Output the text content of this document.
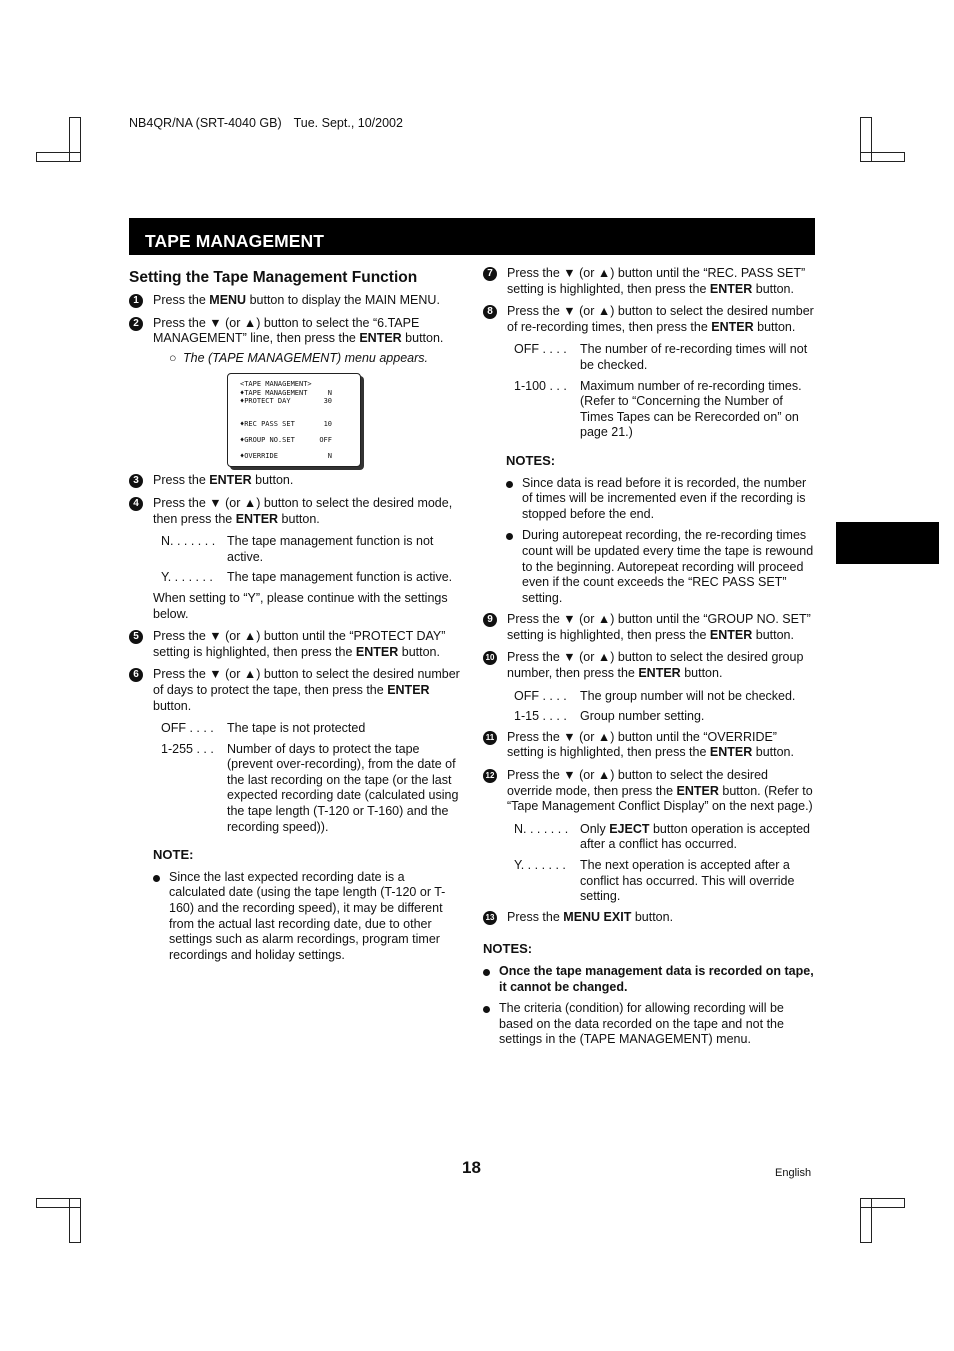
NB4QR/NA (SRT-4040 GB) Tue. Sept., 10/2002
TAPE MANAGEMENT
Setting the Tape Management Function
1	Press the MENU button to display the MAIN MENU.
2	Press the ▼ (or ▲) button to select the “6.TAPE MANAGEMENT” line, then press the ENTER button.
○ The (TAPE MANAGEMENT) menu appears.
<TAPE MANAGEMENT>
♦TAPE MANAGEMENT	N
♦PROTECT DAY	30
♦REC PASS SET	10
♦GROUP NO.SET	OFF
♦OVERRIDE	N
3	Press the ENTER button.
4	Press the ▼ (or ▲) button to select the desired mode, then press the ENTER button.
N. . . . . . . The tape management function is not active.
Y. . . . . . .	The tape management function is active.
When setting to “Y”, please continue with the settings below.
5	Press the ▼ (or ▲) button until the “PROTECT DAY” setting is highlighted, then press the ENTER button.
6	Press the ▼ (or ▲) button to select the desired number of days to protect the tape, then press the ENTER button.
OFF . . . .	The tape is not protected
1-255 . . .	Number of days to protect the tape (prevent over-recording), from the date of the last recording on the tape (or the last expected recording date (calculated using the tape length (T-120 or T-160) and the recording speed)).
NOTE:
Since the last expected recording date is a calculated date (using the tape length (T-120 or T-160) and the recording speed), it may be different from the actual last recording date, due to other settings such as alarm recordings, program timer recordings and holiday settings.
7	Press the ▼ (or ▲) button until the “REC. PASS SET” setting is highlighted, then press the ENTER button.
8	Press the ▼ (or ▲) button to select the desired number of re-recording times, then press the ENTER button.
OFF . . . .	The number of re-recording times will not be checked.
1-100 . . .	Maximum number of re-recording times. (Refer to “Concerning the Number of Times Tapes can be Rerecorded on” on page 21.)
NOTES:
Since data is read before it is recorded, the number of times will be incremented even if the recording is stopped before the end.
During autorepeat recording, the re-recording times count will be updated every time the tape is rewound to the beginning. Autorepeat recording will proceed even if the count exceeds the “REC PASS SET” setting.
9	Press the ▼ (or ▲) button until the “GROUP NO. SET” setting is highlighted, then press the ENTER button.
10 Press the ▼ (or ▲) button to select the desired group number, then press the ENTER button.
OFF . . . .	The group number will not be checked.
1-15 . . . .	Group number setting.
11 Press the ▼ (or ▲) button until the “OVERRIDE” setting is highlighted, then press the ENTER button.
12 Press the ▼ (or ▲) button to select the desired override mode, then press the ENTER button. (Refer to “Tape Management Conflict Display” on the next page.)
N. . . . . . . Only EJECT button operation is accepted after a conflict has occurred.
Y. . . . . . .	The next operation is accepted after a conflict has occurred. This will override setting.
13 Press the MENU EXIT button.
NOTES:
Once the tape management data is recorded on tape, it cannot be changed.
The criteria (condition) for allowing recording will be based on the data recorded on the tape and not the settings in the (TAPE MANAGEMENT) menu.
18	English
